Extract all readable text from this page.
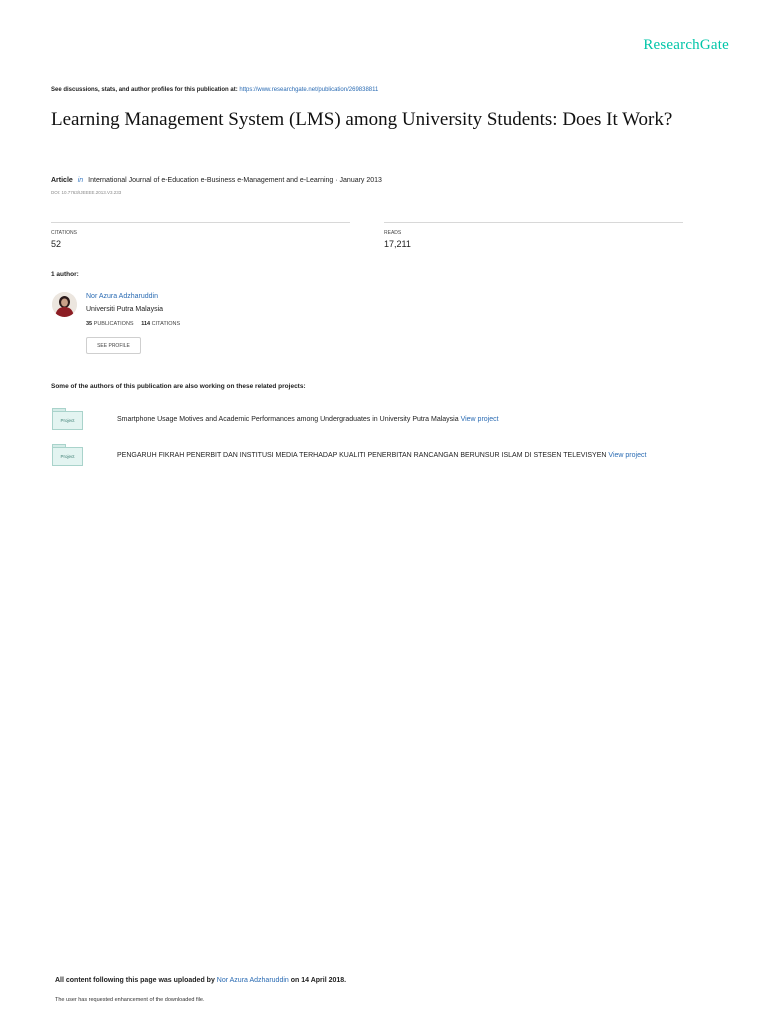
ResearchGate
See discussions, stats, and author profiles for this publication at: https://www.researchgate.net/publication/269838811
Learning Management System (LMS) among University Students: Does It Work?
Article in International Journal of e-Education e-Business e-Management and e-Learning · January 2013
DOI: 10.7763/IJEEEE.2013.V3.233
CITATIONS
52
READS
17,211
1 author:
Nor Azura Adzharuddin
Universiti Putra Malaysia
35 PUBLICATIONS 114 CITATIONS
SEE PROFILE
Some of the authors of this publication are also working on these related projects:
Project	Smartphone Usage Motives and Academic Performances among Undergraduates in University Putra Malaysia View project
Project	PENGARUH FIKRAH PENERBIT DAN INSTITUSI MEDIA TERHADAP KUALITI PENERBITAN RANCANGAN BERUNSUR ISLAM DI STESEN TELEVISYEN View project
All content following this page was uploaded by Nor Azura Adzharuddin on 14 April 2018.
The user has requested enhancement of the downloaded file.
